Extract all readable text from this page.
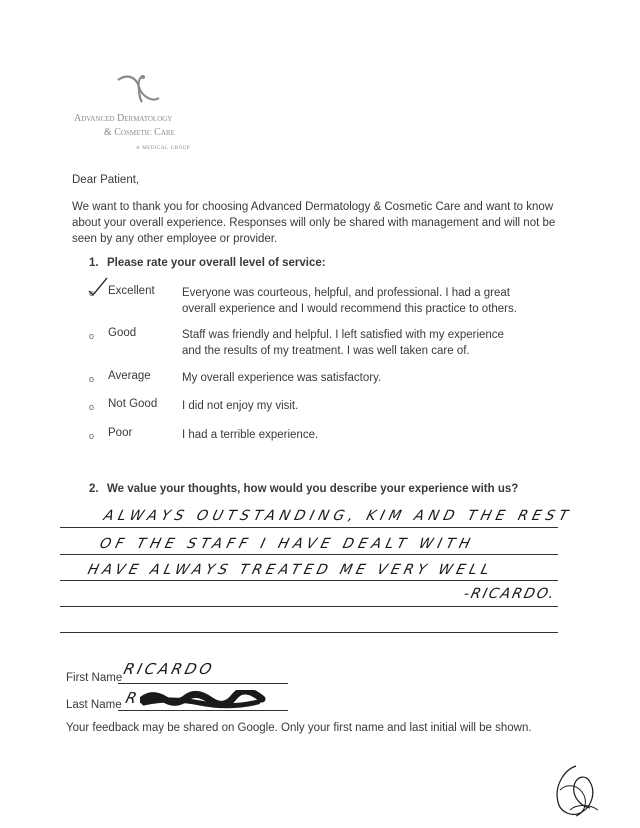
Advanced Dermatology
& Cosmetic Care
a medical group
Dear Patient,
We want to thank you for choosing Advanced Dermatology & Cosmetic Care and want to know about your overall experience. Responses will only be shared with management and will not be seen by any other employee or provider.
1. Please rate your overall level of service:
o Excellent Everyone was courteous, helpful, and professional. I had a great overall experience and I would recommend this practice to others.
o Good	Staff was friendly and helpful. I left satisfied with my experience and the results of my treatment. I was well taken care of.
o Average	My overall experience was satisfactory.
o Not Good I did not enjoy my visit.
o Poor	I had a terrible experience.
2. We value your thoughts, how would you describe your experience with us?
ALWAYS OUTSTANDING, KIM AND THE REST
OF THE STAFF I HAVE DEALT WITH
HAVE ALWAYS TREATED ME VERY WELL
-RICARDO.
First Name RICARDO
Last Name R
Your feedback may be shared on Google. Only your first name and last initial will be shown.
